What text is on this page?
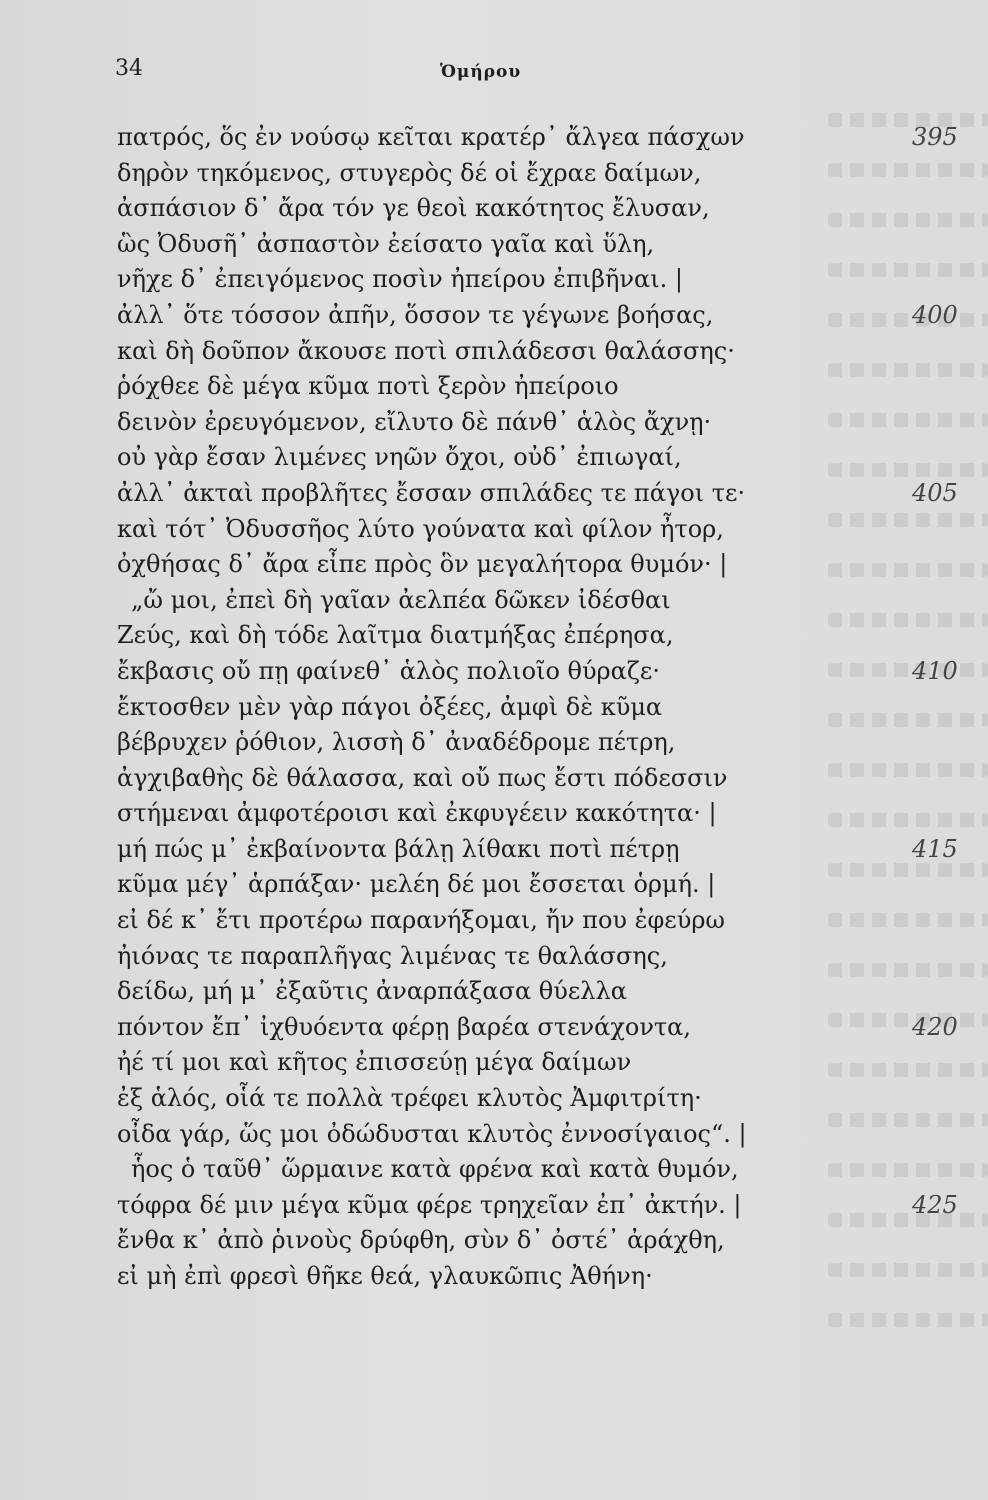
34	Ὁμήρου
πατρός, ὅς ἐν νούσῳ κεῖται κρατέρ᾽ ἄλγεα πάσχων	395
δηρὸν τηκόμενος, στυγερὸς δέ οἱ ἔχραε δαίμων,
ἀσπάσιον δ᾽ ἄρα τόν γε θεοὶ κακότητος ἔλυσαν,
ὣς Ὀδυσῆ᾽ ἀσπαστὸν ἐείσατο γαῖα καὶ ὕλη,
νῆχε δ᾽ ἐπειγόμενος ποσὶν ἠπείρου ἐπιβῆναι. |
ἀλλ᾽ ὅτε τόσσον ἀπῆν, ὅσσον τε γέγωνε βοήσας,	400
καὶ δὴ δοῦπον ἄκουσε ποτὶ σπιλάδεσσι θαλάσσης·
ῥόχθεε δὲ μέγα κῦμα ποτὶ ξερὸν ἠπείροιο
δεινὸν ἐρευγόμενον, εἴλυτο δὲ πάνθ᾽ ἁλὸς ἄχνῃ·
οὐ γὰρ ἔσαν λιμένες νηῶν ὄχοι, οὐδ᾽ ἐπιωγαί,
ἀλλ᾽ ἀκταὶ προβλῆτες ἔσσαν σπιλάδες τε πάγοι τε·	405
καὶ τότ᾽ Ὀδυσσῆος λύτο γούνατα καὶ φίλον ἦτορ,
ὀχθήσας δ᾽ ἄρα εἶπε πρὸς ὃν μεγαλήτορα θυμόν· |
„ὤ μοι, ἐπεὶ δὴ γαῖαν ἀελπέα δῶκεν ἰδέσθαι
Ζεύς, καὶ δὴ τόδε λαῖτμα διατμήξας ἐπέρησα,
ἔκβασις οὔ πῃ φαίνεθ᾽ ἁλὸς πολιοῖο θύραζε·	410
ἔκτοσθεν μὲν γὰρ πάγοι ὀξέες, ἀμφὶ δὲ κῦμα
βέβρυχεν ῥόθιον, λισσὴ δ᾽ ἀναδέδρομε πέτρη,
ἀγχιβαθὴς δὲ θάλασσα, καὶ οὔ πως ἔστι πόδεσσιν
στήμεναι ἀμφοτέροισι καὶ ἐκφυγέειν κακότητα· |
μή πώς μ᾽ ἐκβαίνοντα βάλῃ λίθακι ποτὶ πέτρῃ	415
κῦμα μέγ᾽ ἁρπάξαν· μελέη δέ μοι ἔσσεται ὁρμή. |
εἰ δέ κ᾽ ἔτι προτέρω παρανήξομαι, ἤν που ἐφεύρω
ἠιόνας τε παραπλῆγας λιμένας τε θαλάσσης,
δείδω, μή μ᾽ ἐξαῦτις ἀναρπάξασα θύελλα
πόντον ἔπ᾽ ἰχθυόεντα φέρῃ βαρέα στενάχοντα,	420
ἠέ τί μοι καὶ κῆτος ἐπισσεύῃ μέγα δαίμων
ἐξ ἁλός, οἷά τε πολλὰ τρέφει κλυτὸς Ἀμφιτρίτη·
οἶδα γάρ, ὥς μοι ὀδώδυσται κλυτὸς ἐννοσίγαιος“. |
ἧος ὁ ταῦθ᾽ ὥρμαινε κατὰ φρένα καὶ κατὰ θυμόν,
τόφρα δέ μιν μέγα κῦμα φέρε τρηχεῖαν ἐπ᾽ ἀκτήν. |	425
ἔνθα κ᾽ ἀπὸ ῥινοὺς δρύφθη, σὺν δ᾽ ὀστέ᾽ ἀράχθη,
εἰ μὴ ἐπὶ φρεσὶ θῆκε θεά, γλαυκῶπις Ἀθήνη·
